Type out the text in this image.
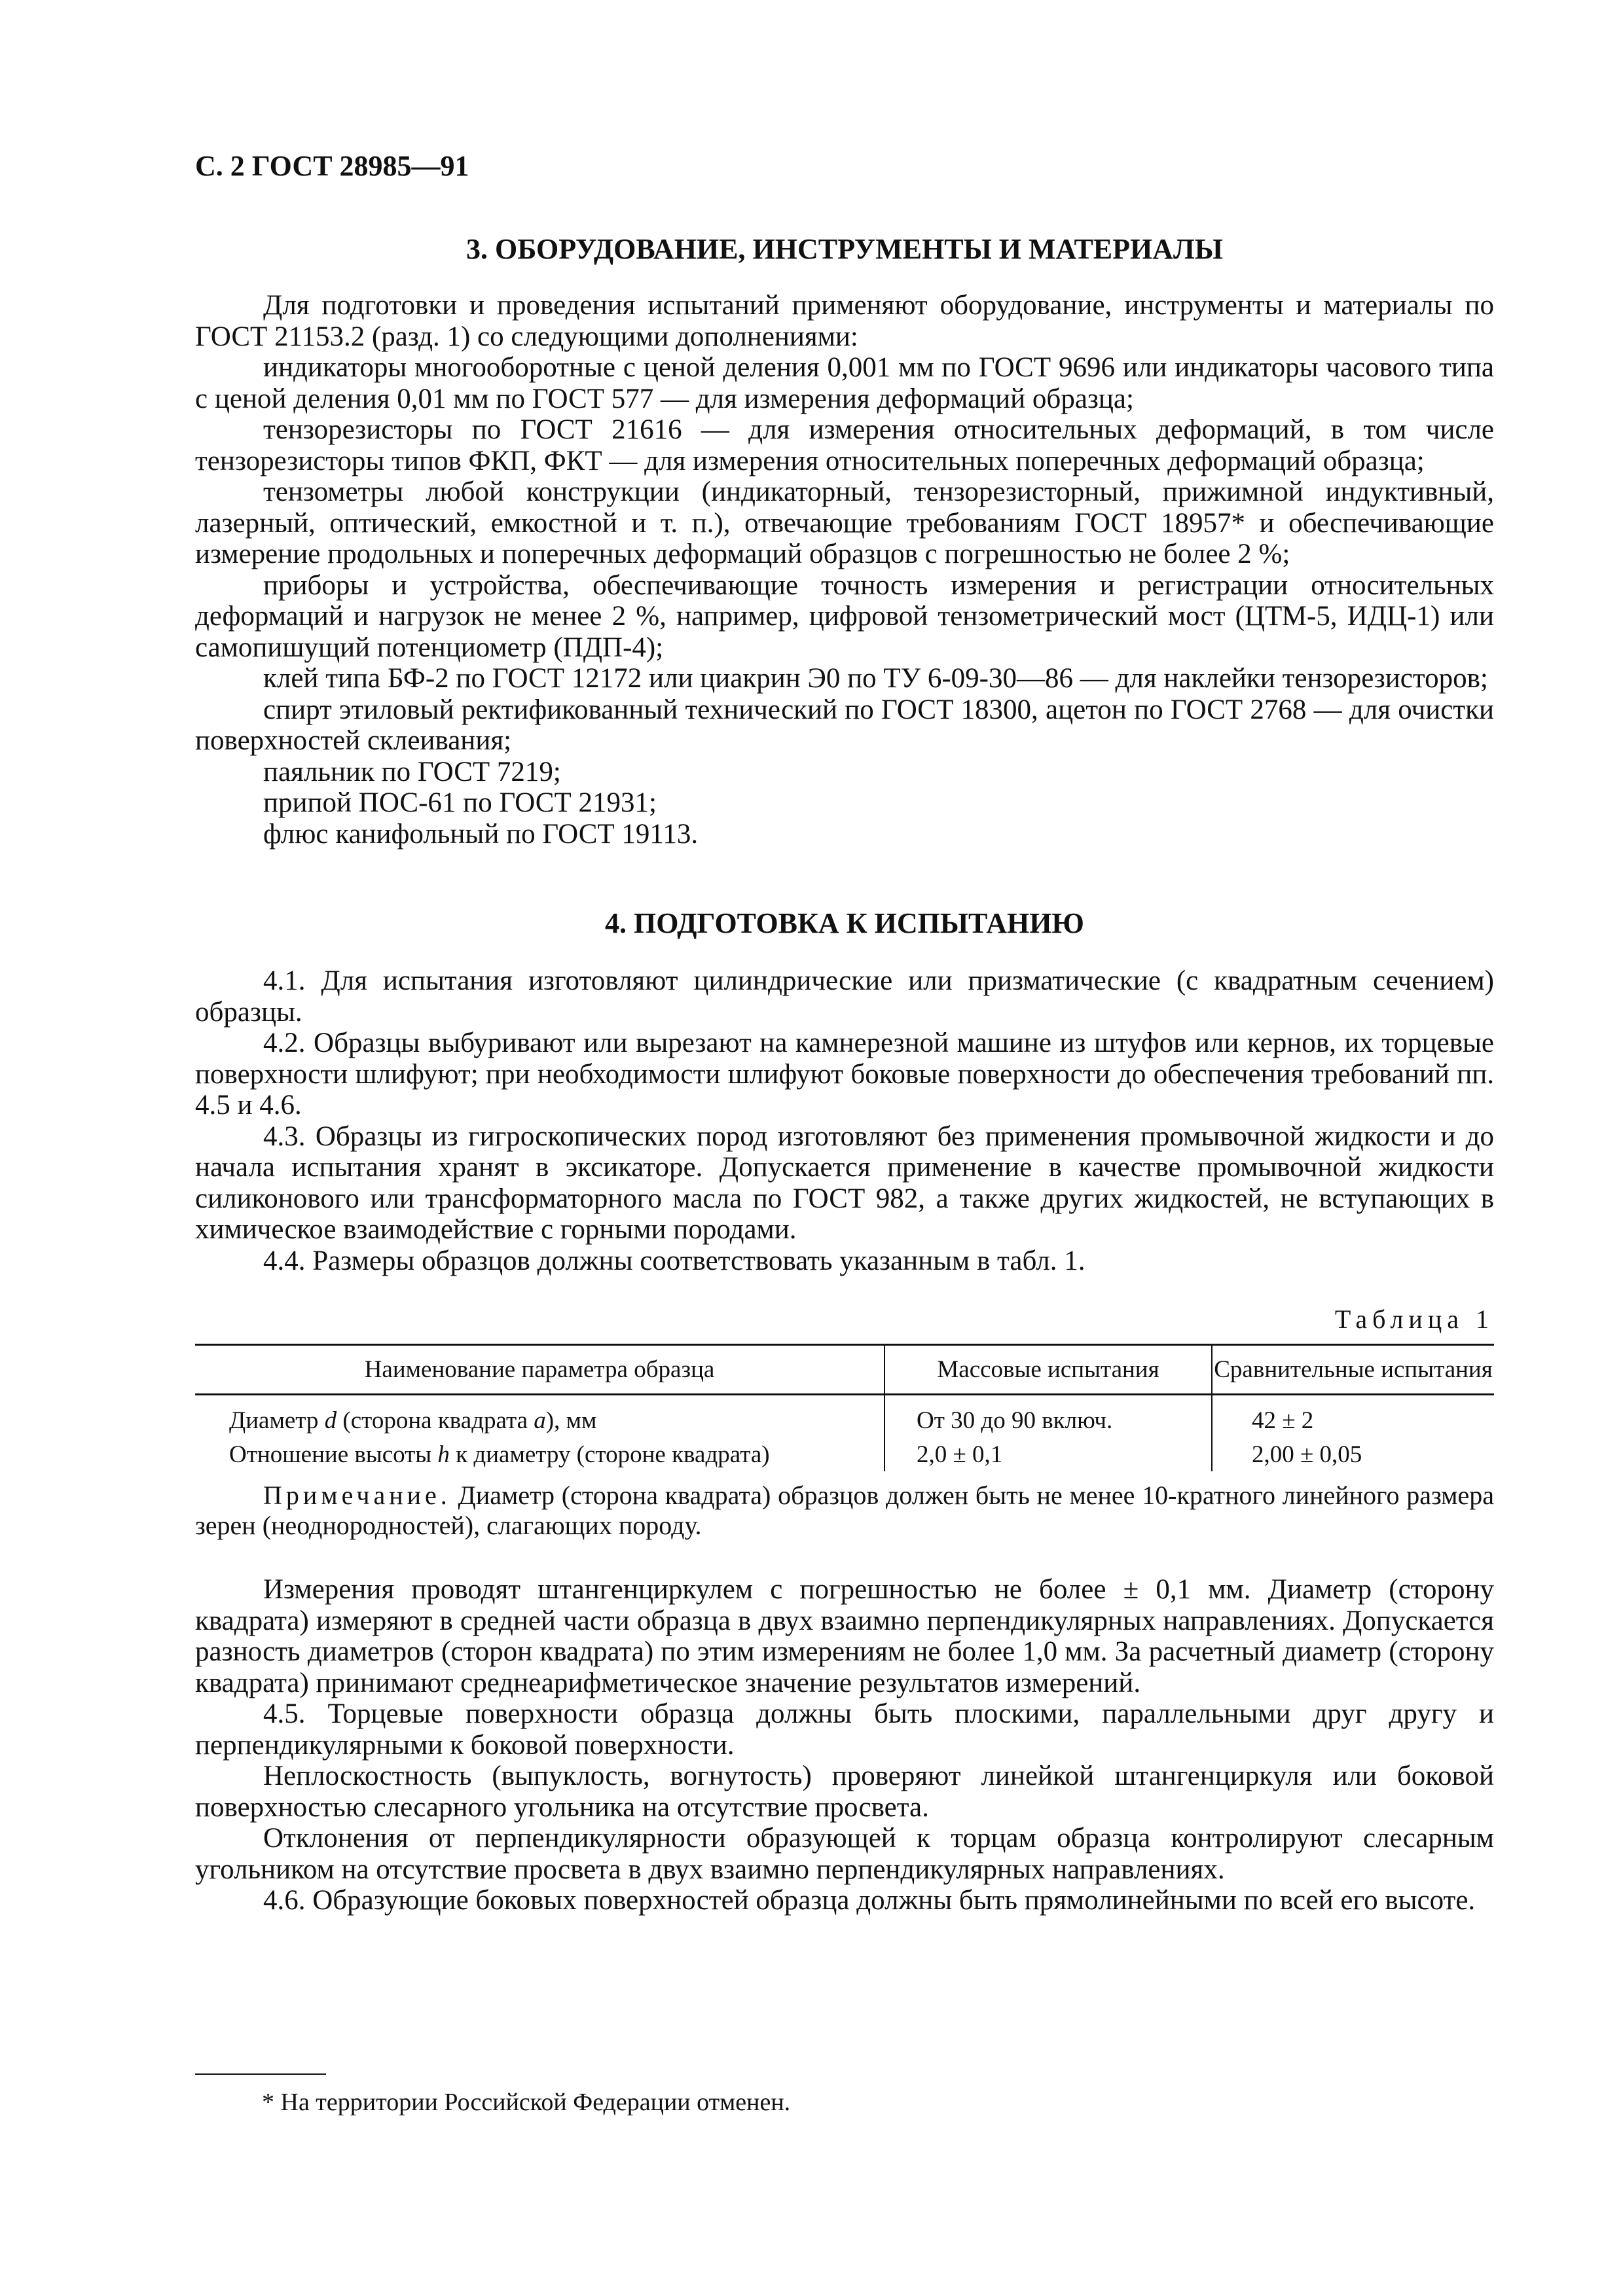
С. 2 ГОСТ 28985—91
3. ОБОРУДОВАНИЕ, ИНСТРУМЕНТЫ И МАТЕРИАЛЫ

Для подготовки и проведения испытаний применяют оборудование, инструменты и материалы по ГОСТ 21153.2 (разд. 1) со следующими дополнениями:

индикаторы многооборотные с ценой деления 0,001 мм по ГОСТ 9696 или индикаторы часового типа с ценой деления 0,01 мм по ГОСТ 577 — для измерения деформаций образца;

тензорезисторы по ГОСТ 21616 — для измерения относительных деформаций, в том числе тензорезисторы типов ФКП, ФКТ — для измерения относительных поперечных деформаций образца;

тензометры любой конструкции (индикаторный, тензорезисторный, прижимной индуктивный, лазерный, оптический, емкостной и т. п.), отвечающие требованиям ГОСТ 18957* и обеспечивающие измерение продольных и поперечных деформаций образцов с погрешностью не более 2 %;

приборы и устройства, обеспечивающие точность измерения и регистрации относительных деформаций и нагрузок не менее 2 %, например, цифровой тензометрический мост (ЦТМ-5, ИДЦ-1) или самопишущий потенциометр (ПДП-4);

клей типа БФ-2 по ГОСТ 12172 или циакрин Э0 по ТУ 6-09-30—86 — для наклейки тензорезисторов;

спирт этиловый ректификованный технический по ГОСТ 18300, ацетон по ГОСТ 2768 — для очистки поверхностей склеивания;

паяльник по ГОСТ 7219;

припой ПОС-61 по ГОСТ 21931;

флюс канифольный по ГОСТ 19113.

4. ПОДГОТОВКА К ИСПЫТАНИЮ

4.1. Для испытания изготовляют цилиндрические или призматические (с квадратным сечением) образцы.

4.2. Образцы выбуривают или вырезают на камнерезной машине из штуфов или кернов, их торцевые поверхности шлифуют; при необходимости шлифуют боковые поверхности до обеспечения требований пп. 4.5 и 4.6.

4.3. Образцы из гигроскопических пород изготовляют без применения промывочной жидкости и до начала испытания хранят в эксикаторе. Допускается применение в качестве промывочной жидкости силиконового или трансформаторного масла по ГОСТ 982, а также других жидкостей, не вступающих в химическое взаимодействие с горными породами.

4.4. Размеры образцов должны соответствовать указанным в табл. 1.

Таблица 1
Наименование параметра образца	Массовые испытания	Сравнительные испытания
Диаметр d (сторона квадрата а), мм	От 30 до 90 включ.	42 ± 2
Отношение высоты h к диаметру (стороне квадрата)	2,0 ± 0,1	2,00 ± 0,05
Примечание. Диаметр (сторона квадрата) образцов должен быть не менее 10-кратного линейного размера зерен (неоднородностей), слагающих породу.

Измерения проводят штангенциркулем с погрешностью не более ± 0,1 мм. Диаметр (сторону квадрата) измеряют в средней части образца в двух взаимно перпендикулярных направлениях. Допускается разность диаметров (сторон квадрата) по этим измерениям не более 1,0 мм. За расчетный диаметр (сторону квадрата) принимают среднеарифметическое значение результатов измерений.

4.5. Торцевые поверхности образца должны быть плоскими, параллельными друг другу и перпендикулярными к боковой поверхности.

Неплоскостность (выпуклость, вогнутость) проверяют линейкой штангенциркуля или боковой поверхностью слесарного угольника на отсутствие просвета.

Отклонения от перпендикулярности образующей к торцам образца контролируют слесарным угольником на отсутствие просвета в двух взаимно перпендикулярных направлениях.

4.6. Образующие боковых поверхностей образца должны быть прямолинейными по всей его высоте.

* На территории Российской Федерации отменен.
